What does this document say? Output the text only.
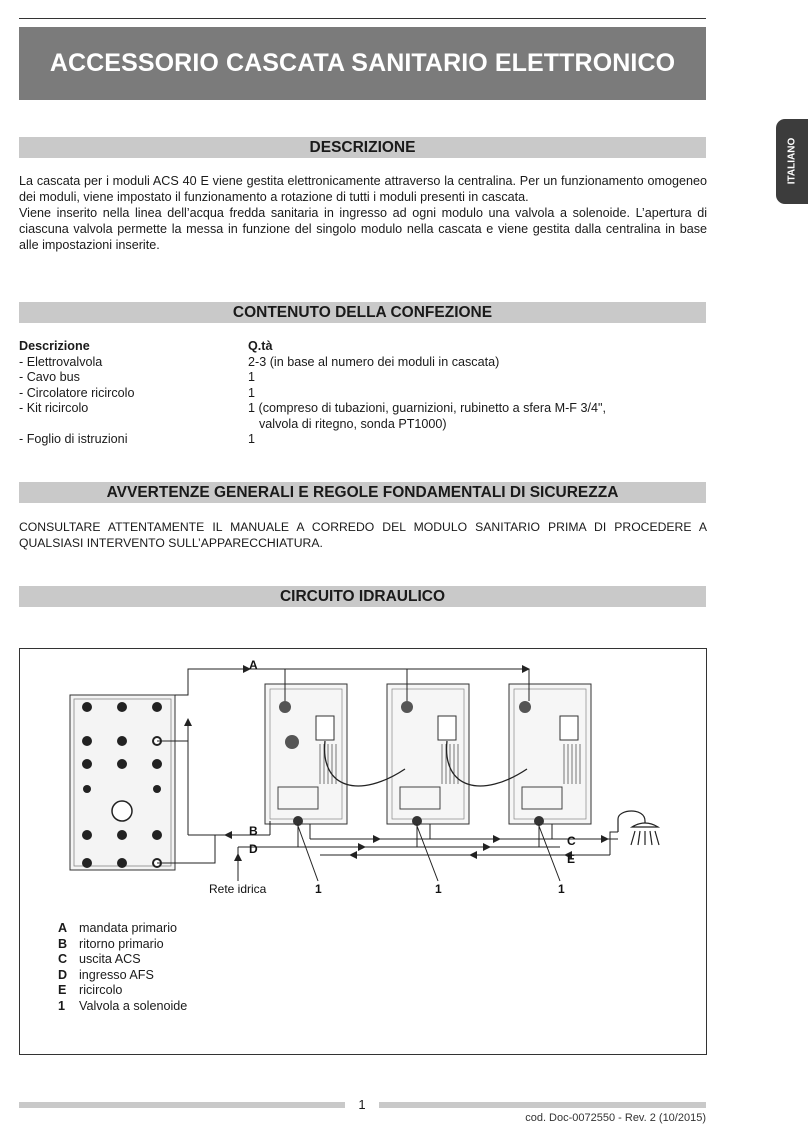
ACCESSORIO CASCATA SANITARIO ELETTRONICO
ITALIANO
DESCRIZIONE

La cascata per i moduli ACS 40 E viene gestita elettronicamente attraverso la centralina. Per un funzionamento omogeneo dei moduli, viene impostato il funzionamento a rotazione di tutti i moduli presenti in cascata.

Viene inserito nella linea dell’acqua fredda sanitaria in ingresso ad ogni modulo una valvola a solenoide. L’apertura di ciascuna valvola permette la messa in funzione del singolo modulo nella cascata e viene gestita dalla centralina in base alle impostazioni inserite.

CONTENUTO DELLA CONFEZIONE
Descrizione	Q.tà
- Elettrovalvola	2-3 (in base al numero dei moduli in cascata)
- Cavo bus	1
- Circolatore ricircolo	1
- Kit ricircolo	1 (compreso di tubazioni, guarnizioni, rubinetto a sfera M-F 3/4",
valvola di ritegno, sonda PT1000)
- Foglio di istruzioni	1
AVVERTENZE GENERALI E REGOLE FONDAMENTALI DI SICUREZZA
CONSULTARE ATTENTAMENTE IL MANUALE A CORREDO DEL MODULO SANITARIO PRIMA DI PROCEDERE A QUALSIASI INTERVENTO SULL’APPARECCHIATURA.
CIRCUITO IDRAULICO
A
B
C
D
E
Rete idrica	1	1	1
A mandata primario
B ritorno primario
C uscita ACS
D ingresso AFS
E ricircolo
1	Valvola a solenoide
1
cod. Doc-0072550 - Rev. 2 (10/2015)
